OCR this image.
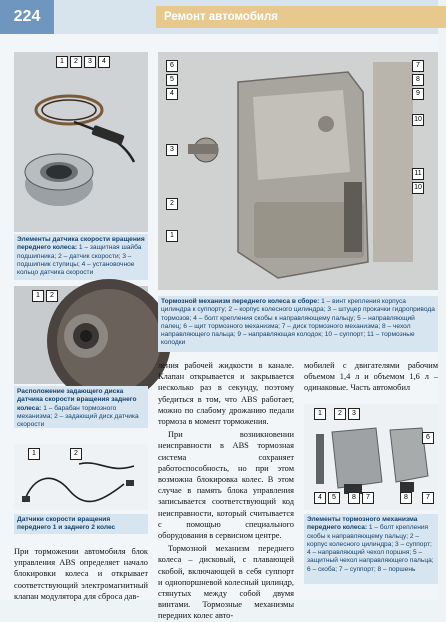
224	Ремонт автомобиля
1	2	3	4
Элементы датчика скорости вращения переднего колеса: 1 – защитная шайба подшипника; 2 – датчик скорости; 3 – подшипник ступицы; 4 – установочное кольцо датчика скорости
1	2
Расположение задающего диска датчика скорости вращения заднего колеса: 1 – барабан тормозного механизма; 2 – задающий диск датчика скорости
1	2
Датчики скорости вращения переднего 1 и заднего 2 колес
При торможении автомобиля блок управления ABS определяет начало блокировки колеса и открывает соответствующий электромагнитный клапан модулятора для сброса дав-
6
5
4
3
2
1
7
8
9
10
11
10
Тормозной механизм переднего колеса в сборе: 1 – винт крепления корпуса цилиндра к суппорту; 2 – корпус колесного цилиндра; 3 – штуцер прокачки гидропривода тормозов; 4 – болт крепления скобы к направляющему пальцу; 5 – направляющий палец; 6 – щит тормозного механизма; 7 – диск тормозного механизма; 8 – чехол направляющего пальца; 9 – направляющая колодок; 10 – суппорт; 11 – тормозные колодки
ления рабочей жидкости в канале. Клапан открывается и закрывается несколько раз в секунду, поэтому убедиться в том, что ABS работает, можно по слабому дрожанию педали тормоза в момент торможения.
При возникновении неисправности в ABS тормозная система сохраняет работоспособность, но при этом возможна блокировка колес. В этом случае в память блока управления записывается соответствующий код неисправности, который считывается с помощью специального оборудования в сервисном центре.
Тормозной механизм переднего колеса – дисковый, с плавающей скобой, включающей в себя суппорт и однопоршневой колесный цилиндр, стянутых между собой двумя винтами. Тормозные механизмы передних колес авто-
мобилей с двигателями рабочим объемом 1,4 л и объемом 1,6 л – одинаковые. Часть автомобил
1	2	3
4	5	8	7
6
7
8
Элементы тормозного механизма переднего колеса: 1 – болт крепления скобы к направляющему пальцу; 2 – корпус колесного цилиндра; 3 – суппорт; 4 – направляющий чехол поршня; 5 – защитный чехол направляющего пальца; 6 – скоба; 7 – суппорт; 8 – поршень
